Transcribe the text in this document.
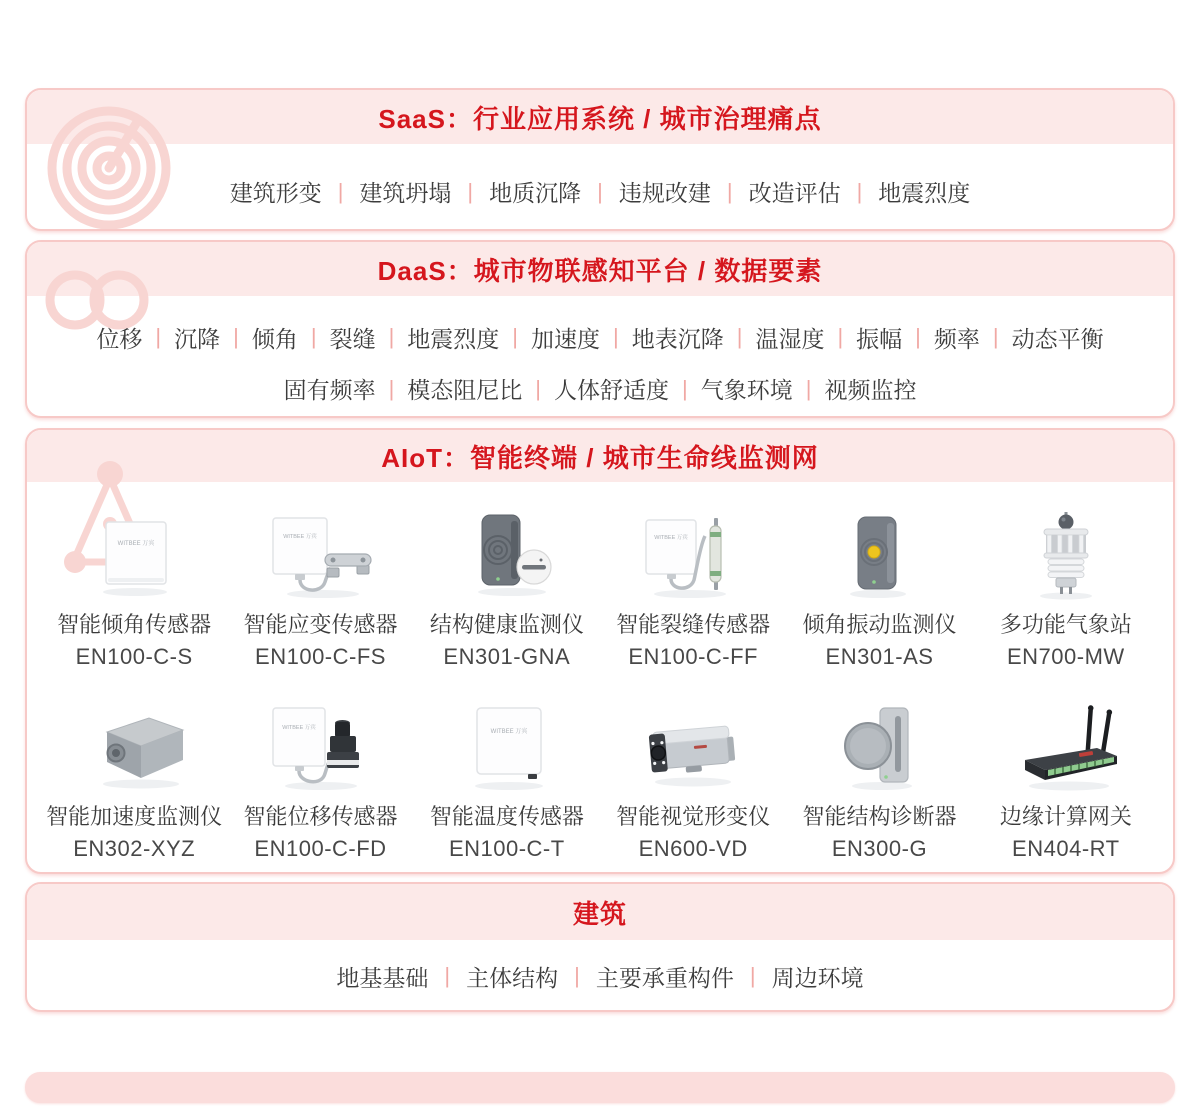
SaaS：行业应用系统 / 城市治理痛点
建筑形变 | 建筑坍塌 | 地质沉降 | 违规改建 | 改造评估 | 地震烈度
DaaS：城市物联感知平台 / 数据要素
位移 | 沉降 | 倾角 | 裂缝 | 地震烈度 | 加速度 | 地表沉降 | 温湿度 | 振幅 | 频率 | 动态平衡
固有频率 | 模态阻尼比 | 人体舒适度 | 气象环境 | 视频监控
AIoT：智能终端 / 城市生命线监测网
WITBEE 万宾
智能倾角传感器
EN100-C-S
WITBEE 万宾
智能应变传感器
EN100-C-FS
结构健康监测仪
EN301-GNA
WITBEE 万宾
智能裂缝传感器
EN100-C-FF
倾角振动监测仪
EN301-AS
多功能气象站
EN700-MW
智能加速度监测仪
EN302-XYZ
WITBEE 万宾
智能位移传感器
EN100-C-FD
WITBEE 万宾
智能温度传感器
EN100-C-T
智能视觉形变仪
EN600-VD
智能结构诊断器
EN300-G
边缘计算网关
EN404-RT
建筑
地基基础 | 主体结构 | 主要承重构件 | 周边环境
